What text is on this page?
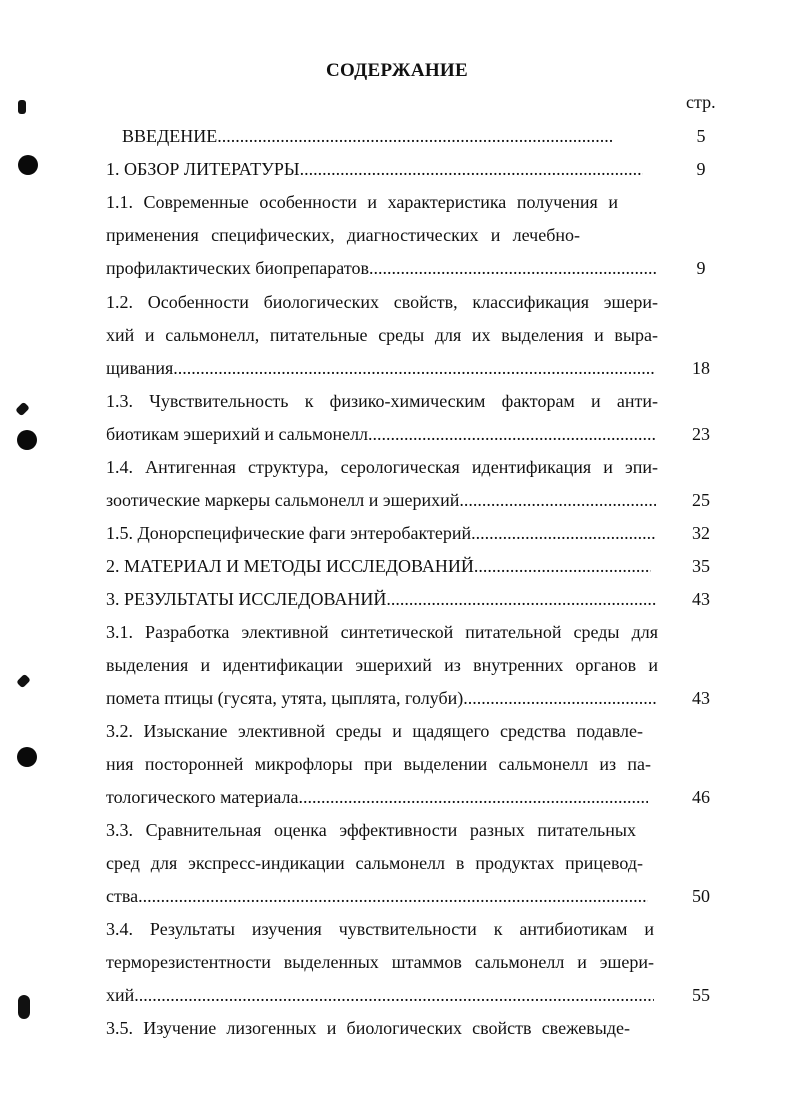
СОДЕРЖАНИЕ
стр.
ВВЕДЕНИЕ .....	5
1. ОБЗОР ЛИТЕРАТУРЫ .....	9
1.1. Современные особенности и характеристика получения и
применения специфических, диагностических и лечебно-
профилактических биопрепаратов .....	9
1.2. Особенности биологических свойств, классификация эшери-
хий и сальмонелл, питательные среды для их выделения и выра-
щивания .....	18
1.3. Чувствительность к физико-химическим факторам и анти-
биотикам эшерихий и сальмонелл .....	23
1.4. Антигенная структура, серологическая идентификация и эпи-
зоотические маркеры сальмонелл и эшерихий .....	25
1.5. Донорспецифические фаги энтеробактерий .....	32
2. МАТЕРИАЛ И МЕТОДЫ ИССЛЕДОВАНИЙ .....	35
3. РЕЗУЛЬТАТЫ ИССЛЕДОВАНИЙ .....	43
3.1. Разработка элективной синтетической питательной среды для
выделения и идентификации эшерихий из внутренних органов и
помета птицы (гусята, утята, цыплята, голуби) .....	43
3.2. Изыскание элективной среды и щадящего средства подавле-
ния посторонней микрофлоры при выделении сальмонелл из па-
тологического материала .....	46
3.3. Сравнительная оценка эффективности разных питательных
сред для экспресс-индикации сальмонелл в продуктах прицевод-
ства .....	50
3.4. Результаты изучения чувствительности к антибиотикам и
терморезистентности выделенных штаммов сальмонелл и эшери-
хий .....	55
3.5. Изучение лизогенных и биологических свойств свежевыде-
